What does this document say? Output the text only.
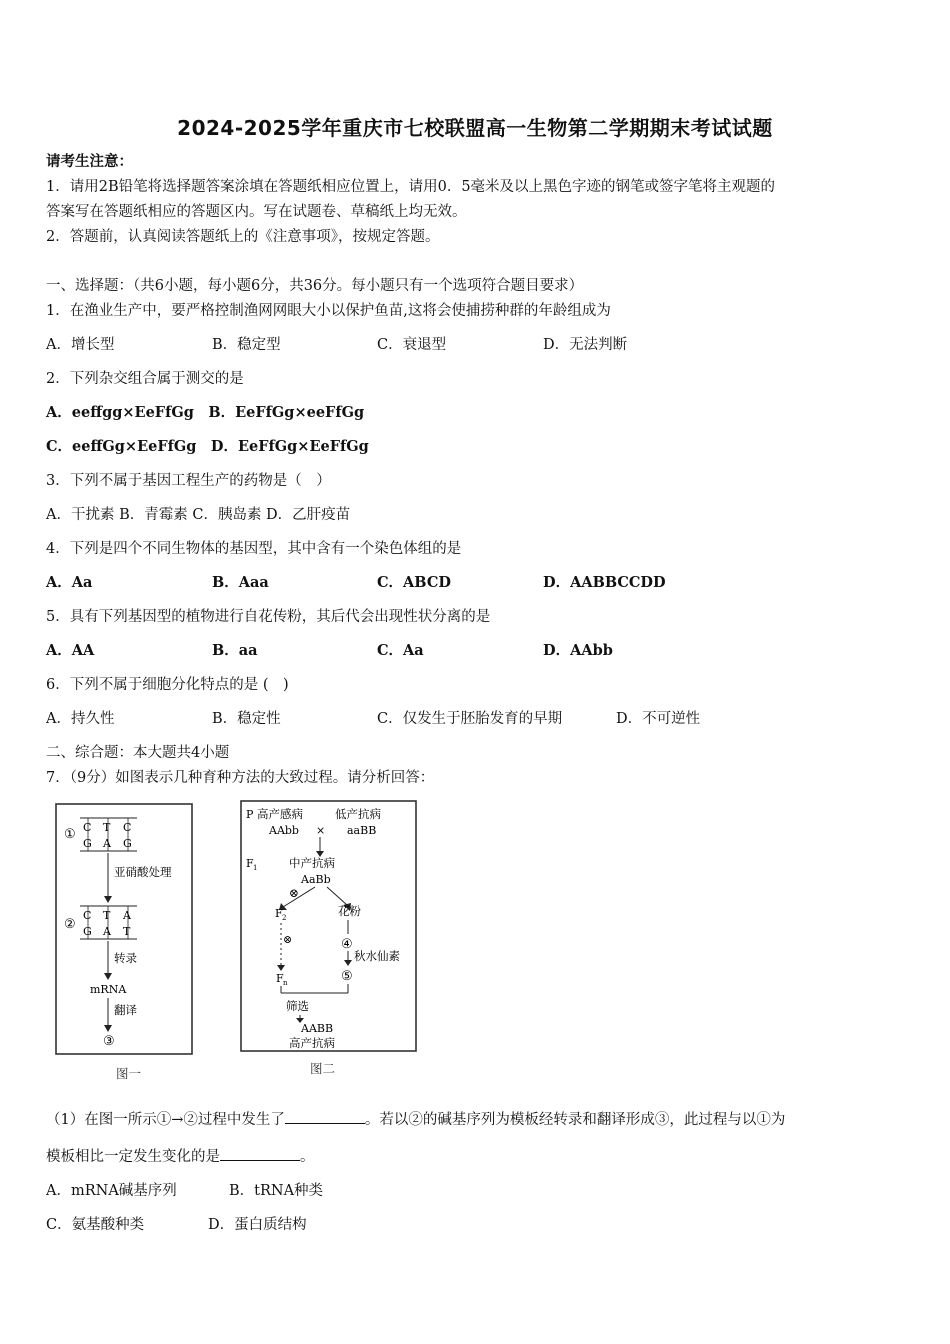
2024-2025学年重庆市七校联盟高一生物第二学期期末考试试题
请考生注意：
1．请用2B铅笔将选择题答案涂填在答题纸相应位置上，请用0．5毫米及以上黑色字迹的钢笔或签字笔将主观题的
答案写在答题纸相应的答题区内。写在试题卷、草稿纸上均无效。
2．答题前，认真阅读答题纸上的《注意事项》，按规定答题。
一、选择题：（共6小题，每小题6分，共36分。每小题只有一个选项符合题目要求）
1．在渔业生产中，要严格控制渔网网眼大小以保护鱼苗,这将会使捕捞种群的年龄组成为
A．增长型	B．稳定型	C．衰退型	D．无法判断
2．下列杂交组合属于测交的是
A．eeffgg×EeFfGg　B．EeFfGg×eeFfGg
C．eeffGg×EeFfGg　D．EeFfGg×EeFfGg
3．下列不属于基因工程生产的药物是（　）
A．干扰素 B．青霉素 C．胰岛素 D．乙肝疫苗
4．下列是四个不同生物体的基因型，其中含有一个染色体组的是
A．Aa	B．Aaa	C．ABCD	D．AABBCCDD
5．具有下列基因型的植物进行自花传粉，其后代会出现性状分离的是
A．AA	B．aa	C．Aa	D．AAbb
6．下列不属于细胞分化特点的是 (　)
A．持久性	B．稳定性	C．仅发生于胚胎发育的早期	D．不可逆性
二、综合题：本大题共4小题
7．（9分）如图表示几种育种方法的大致过程。请分析回答：
① C T C
G A G
亚硝酸处理
②
C T A
G A T
转录
mRNA
翻译
③
图一
P 高产感病	低产抗病
AAbb × aaBB
F 1	中产抗病
AaBb
⊗
F 2	花粉
⊗	④
秋水仙素
⑤
F n
筛选
AABB
高产抗病
图二
（1）在图一所示①→②过程中发生了	。若以②的碱基序列为模板经转录和翻译形成③，此过程与以①为
模板相比一定发生变化的是	。
A．mRNA碱基序列	B．tRNA种类
C．氨基酸种类	D．蛋白质结构
